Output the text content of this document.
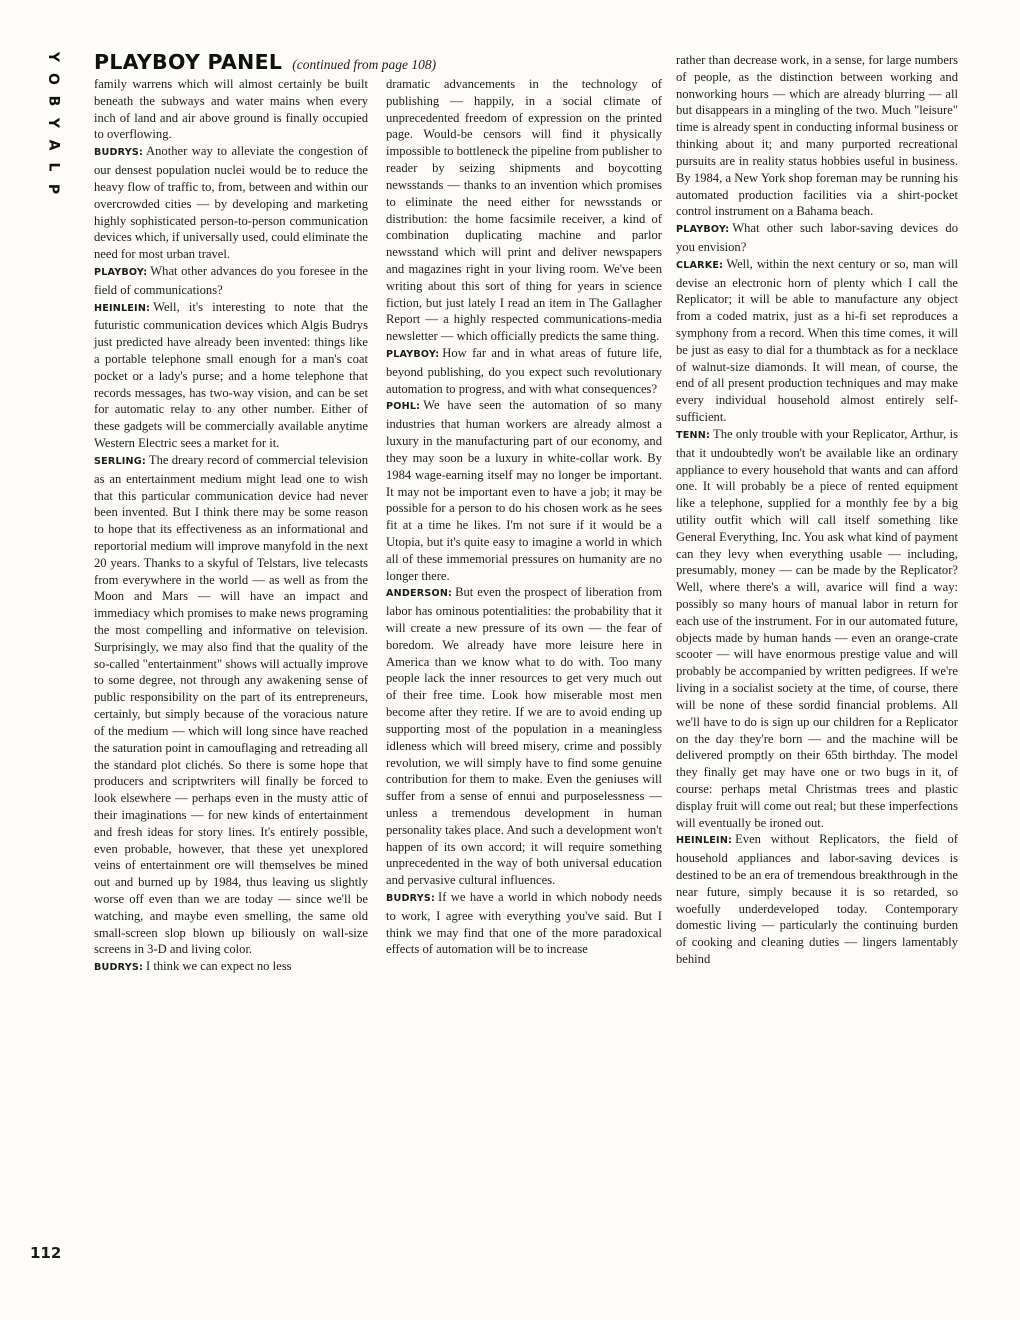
Y
O
B
Y
A
L
P
PLAYBOY PANEL (continued from page 108)

family warrens which will almost certainly be built beneath the subways and water mains when every inch of land and air above ground is finally occupied to overflowing.

BUDRYS: Another way to alleviate the congestion of our densest population nuclei would be to reduce the heavy flow of traffic to, from, between and within our overcrowded cities — by developing and marketing highly sophisticated person-to-person communication devices which, if universally used, could eliminate the need for most urban travel.

PLAYBOY: What other advances do you foresee in the field of communications?

HEINLEIN: Well, it's interesting to note that the futuristic communication devices which Algis Budrys just predicted have already been invented: things like a portable telephone small enough for a man's coat pocket or a lady's purse; and a home telephone that records messages, has two-way vision, and can be set for automatic relay to any other number. Either of these gadgets will be commercially available anytime Western Electric sees a market for it.

SERLING: The dreary record of commercial television as an entertainment medium might lead one to wish that this particular communication device had never been invented. But I think there may be some reason to hope that its effectiveness as an informational and reportorial medium will improve manyfold in the next 20 years. Thanks to a skyful of Telstars, live telecasts from everywhere in the world — as well as from the Moon and Mars — will have an impact and immediacy which promises to make news programing the most compelling and informative on television. Surprisingly, we may also find that the quality of the so-called "entertainment" shows will actually improve to some degree, not through any awakening sense of public responsibility on the part of its entrepreneurs, certainly, but simply because of the voracious nature of the medium — which will long since have reached the saturation point in camouflaging and retreading all the standard plot clichés. So there is some hope that producers and scriptwriters will finally be forced to look elsewhere — perhaps even in the musty attic of their imaginations — for new kinds of entertainment and fresh ideas for story lines. It's entirely possible, even probable, however, that these yet unexplored veins of entertainment ore will themselves be mined out and burned up by 1984, thus leaving us slightly worse off even than we are today — since we'll be watching, and maybe even smelling, the same old small-screen slop blown up biliously on wall-size screens in 3-D and living color.

BUDRYS: I think we can expect no less

dramatic advancements in the technology of publishing — happily, in a social climate of unprecedented freedom of expression on the printed page. Would-be censors will find it physically impossible to bottleneck the pipeline from publisher to reader by seizing shipments and boycotting newsstands — thanks to an invention which promises to eliminate the need either for newsstands or distribution: the home facsimile receiver, a kind of combination duplicating machine and parlor newsstand which will print and deliver newspapers and magazines right in your living room. We've been writing about this sort of thing for years in science fiction, but just lately I read an item in The Gallagher Report — a highly respected communications-media newsletter — which officially predicts the same thing.

PLAYBOY: How far and in what areas of future life, beyond publishing, do you expect such revolutionary automation to progress, and with what consequences?

POHL: We have seen the automation of so many industries that human workers are already almost a luxury in the manufacturing part of our economy, and they may soon be a luxury in white-collar work. By 1984 wage-earning itself may no longer be important. It may not be important even to have a job; it may be possible for a person to do his chosen work as he sees fit at a time he likes. I'm not sure if it would be a Utopia, but it's quite easy to imagine a world in which all of these immemorial pressures on humanity are no longer there.

ANDERSON: But even the prospect of liberation from labor has ominous potentialities: the probability that it will create a new pressure of its own — the fear of boredom. We already have more leisure here in America than we know what to do with. Too many people lack the inner resources to get very much out of their free time. Look how miserable most men become after they retire. If we are to avoid ending up supporting most of the population in a meaningless idleness which will breed misery, crime and possibly revolution, we will simply have to find some genuine contribution for them to make. Even the geniuses will suffer from a sense of ennui and purposelessness — unless a tremendous development in human personality takes place. And such a development won't happen of its own accord; it will require something unprecedented in the way of both universal education and pervasive cultural influences.

BUDRYS: If we have a world in which nobody needs to work, I agree with everything you've said. But I think we may find that one of the more paradoxical effects of automation will be to increase

rather than decrease work, in a sense, for large numbers of people, as the distinction between working and nonworking hours — which are already blurring — all but disappears in a mingling of the two. Much "leisure" time is already spent in conducting informal business or thinking about it; and many purported recreational pursuits are in reality status hobbies useful in business. By 1984, a New York shop foreman may be running his automated production facilities via a shirt-pocket control instrument on a Bahama beach.

PLAYBOY: What other such labor-saving devices do you envision?

CLARKE: Well, within the next century or so, man will devise an electronic horn of plenty which I call the Replicator; it will be able to manufacture any object from a coded matrix, just as a hi-fi set reproduces a symphony from a record. When this time comes, it will be just as easy to dial for a thumbtack as for a necklace of walnut-size diamonds. It will mean, of course, the end of all present production techniques and may make every individual household almost entirely self-sufficient.

TENN: The only trouble with your Replicator, Arthur, is that it undoubtedly won't be available like an ordinary appliance to every household that wants and can afford one. It will probably be a piece of rented equipment like a telephone, supplied for a monthly fee by a big utility outfit which will call itself something like General Everything, Inc. You ask what kind of payment can they levy when everything usable — including, presumably, money — can be made by the Replicator? Well, where there's a will, avarice will find a way: possibly so many hours of manual labor in return for each use of the instrument. For in our automated future, objects made by human hands — even an orange-crate scooter — will have enormous prestige value and will probably be accompanied by written pedigrees. If we're living in a socialist society at the time, of course, there will be none of these sordid financial problems. All we'll have to do is sign up our children for a Replicator on the day they're born — and the machine will be delivered promptly on their 65th birthday. The model they finally get may have one or two bugs in it, of course: perhaps metal Christmas trees and plastic display fruit will come out real; but these imperfections will eventually be ironed out.

HEINLEIN: Even without Replicators, the field of household appliances and labor-saving devices is destined to be an era of tremendous breakthrough in the near future, simply because it is so retarded, so woefully underdeveloped today. Contemporary domestic living — particularly the continuing burden of cooking and cleaning duties — lingers lamentably behind

112
